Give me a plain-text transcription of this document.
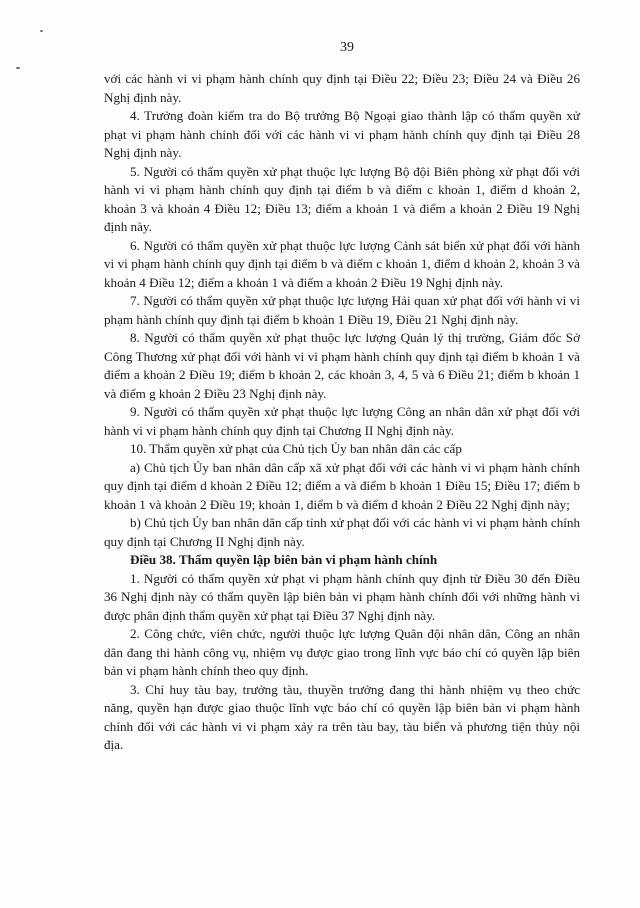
39

với các hành vi vi phạm hành chính quy định tại Điều 22; Điều 23; Điều 24 và Điều 26 Nghị định này.

4. Trưởng đoàn kiểm tra do Bộ trưởng Bộ Ngoại giao thành lập có thẩm quyền xử phạt vi phạm hành chính đối với các hành vi vi phạm hành chính quy định tại Điều 28 Nghị định này.

5. Người có thẩm quyền xử phạt thuộc lực lượng Bộ đội Biên phòng xử phạt đối với hành vi vi phạm hành chính quy định tại điểm b và điểm c khoản 1, điểm d khoản 2, khoản 3 và khoản 4 Điều 12; Điều 13; điểm a khoản 1 và điểm a khoản 2 Điều 19 Nghị định này.

6. Người có thẩm quyền xử phạt thuộc lực lượng Cảnh sát biển xử phạt đối với hành vi vi phạm hành chính quy định tại điểm b và điểm c khoản 1, điểm d khoản 2, khoản 3 và khoản 4 Điều 12; điểm a khoản 1 và điểm a khoản 2 Điều 19 Nghị định này.

7. Người có thẩm quyền xử phạt thuộc lực lượng Hải quan xử phạt đối với hành vi vi phạm hành chính quy định tại điểm b khoản 1 Điều 19, Điều 21 Nghị định này.

8. Người có thẩm quyền xử phạt thuộc lực lượng Quản lý thị trường, Giám đốc Sở Công Thương xử phạt đối với hành vi vi phạm hành chính quy định tại điểm b khoản 1 và điểm a khoản 2 Điều 19; điểm b khoản 2, các khoản 3, 4, 5 và 6 Điều 21; điểm b khoản 1 và điểm g khoản 2 Điều 23 Nghị định này.

9. Người có thẩm quyền xử phạt thuộc lực lượng Công an nhân dân xử phạt đối với hành vi vi phạm hành chính quy định tại Chương II Nghị định này.

10. Thẩm quyền xử phạt của Chủ tịch Ủy ban nhân dân các cấp

a) Chủ tịch Ủy ban nhân dân cấp xã xử phạt đối với các hành vi vi phạm hành chính quy định tại điểm d khoản 2 Điều 12; điểm a và điểm b khoản 1 Điều 15; Điều 17; điểm b khoản 1 và khoản 2 Điều 19; khoản 1, điểm b và điểm đ khoản 2 Điều 22 Nghị định này;

b) Chủ tịch Ủy ban nhân dân cấp tỉnh xử phạt đối với các hành vi vi phạm hành chính quy định tại Chương II Nghị định này.

Điều 38. Thẩm quyền lập biên bản vi phạm hành chính

1. Người có thẩm quyền xử phạt vi phạm hành chính quy định từ Điều 30 đến Điều 36 Nghị định này có thẩm quyền lập biên bản vi phạm hành chính đối với những hành vi được phân định thẩm quyền xử phạt tại Điều 37 Nghị định này.

2. Công chức, viên chức, người thuộc lực lượng Quân đội nhân dân, Công an nhân dân đang thi hành công vụ, nhiệm vụ được giao trong lĩnh vực báo chí có quyền lập biên bản vi phạm hành chính theo quy định.

3. Chỉ huy tàu bay, trưởng tàu, thuyền trưởng đang thi hành nhiệm vụ theo chức năng, quyền hạn được giao thuộc lĩnh vực báo chí có quyền lập biên bản vi phạm hành chính đối với các hành vi vi phạm xảy ra trên tàu bay, tàu biển và phương tiện thủy nội địa.
